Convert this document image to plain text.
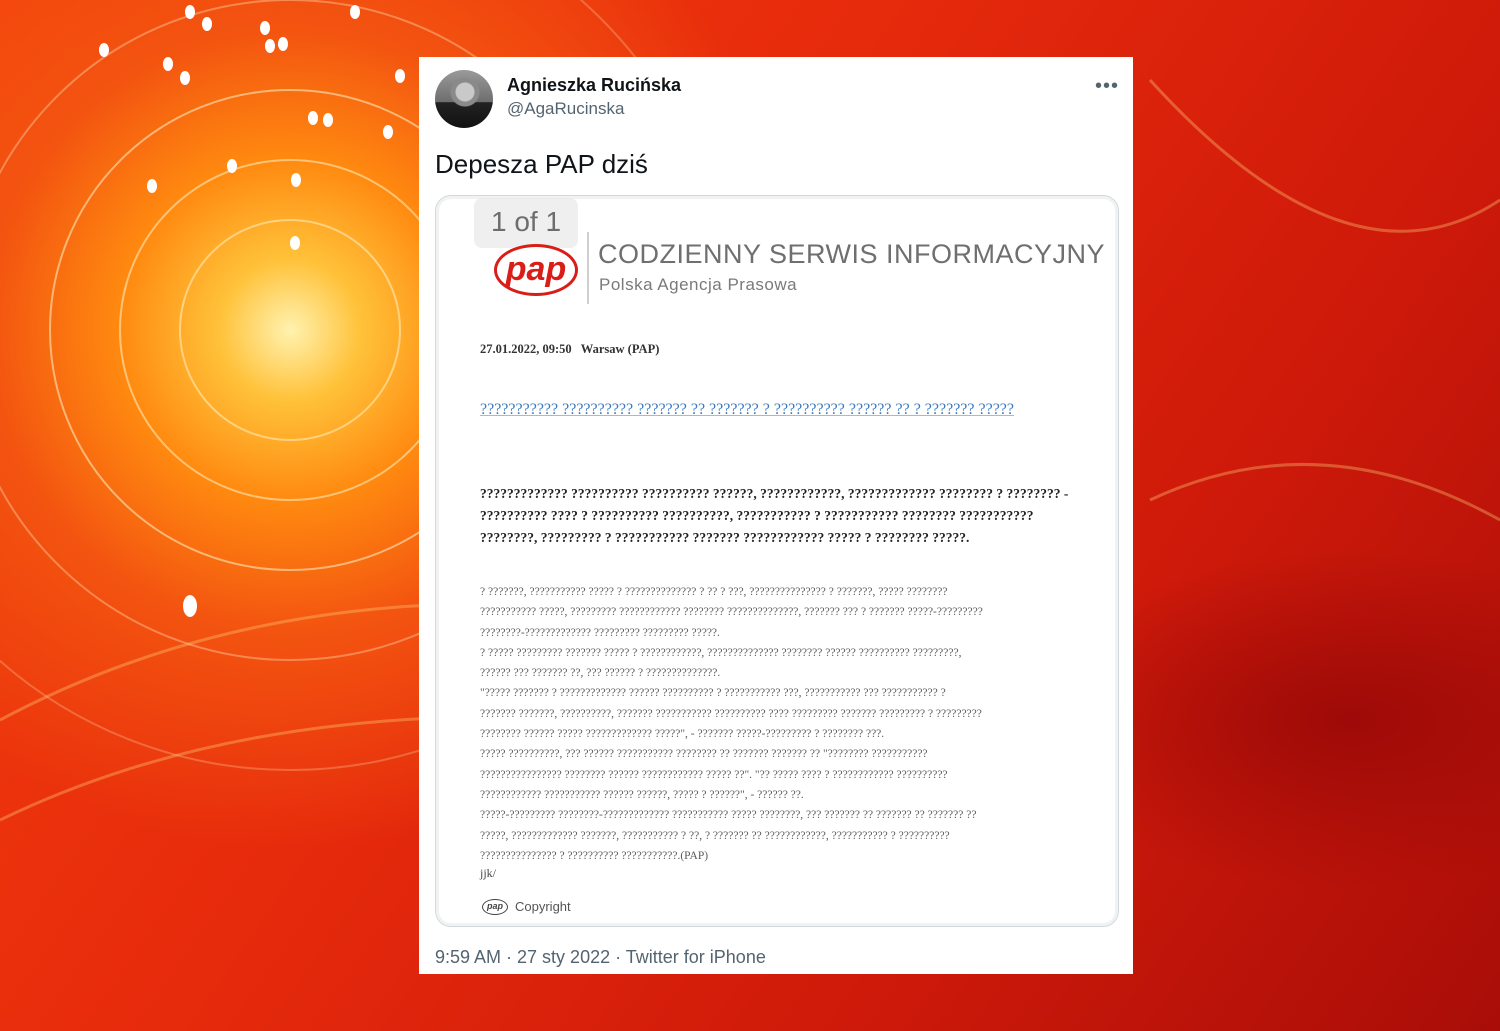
Agnieszka Rucińska
@AgaRucinska
•••
Depesza PAP dziś
1 of 1
pap	CODZIENNY SERWIS INFORMACYJNY
Polska Agencja Prasowa
27.01.2022, 09:50   Warsaw (PAP)
??????????? ?????????? ??????? ?? ??????? ? ?????????? ?????? ?? ? ??????? ?????
????????????? ?????????? ?????????? ??????, ????????????, ????????????? ???????? ? ???????? - ?????????? ???? ? ?????????? ??????????, ??????????? ? ??????????? ???????? ??????????? ????????, ????????? ? ??????????? ??????? ???????????? ????? ? ???????? ?????.
? ???????, ??????????? ????? ? ?????????????? ? ?? ? ???, ??????????????? ? ???????, ????? ????????
??????????? ?????, ????????? ???????????? ???????? ??????????????, ??????? ??? ? ??????? ?????-?????????
????????-????????????? ????????? ????????? ?????.
? ????? ????????? ??????? ????? ? ????????????, ?????????????? ???????? ?????? ?????????? ?????????,
?????? ??? ??????? ??, ??? ?????? ? ??????????????.
"????? ??????? ? ????????????? ?????? ?????????? ? ??????????? ???, ??????????? ??? ??????????? ?
??????? ???????, ??????????, ??????? ??????????? ?????????? ???? ????????? ??????? ????????? ? ?????????
???????? ?????? ????? ????????????? ?????", - ??????? ?????-????????? ? ???????? ???.
????? ??????????, ??? ?????? ??????????? ???????? ?? ??????? ??????? ?? "???????? ???????????
???????????????? ???????? ?????? ???????????? ????? ??". "?? ????? ???? ? ???????????? ??????????
???????????? ??????????? ?????? ??????, ????? ? ??????", - ?????? ??.
?????-????????? ????????-????????????? ??????????? ????? ????????, ??? ??????? ?? ??????? ?? ??????? ??
?????, ????????????? ???????, ??????????? ? ??, ? ??????? ?? ????????????, ??????????? ? ??????????
??????????????? ? ?????????? ???????????.(PAP)
jjk/
pap Copyright
9:59 AM · 27 sty 2022 · Twitter for iPhone
